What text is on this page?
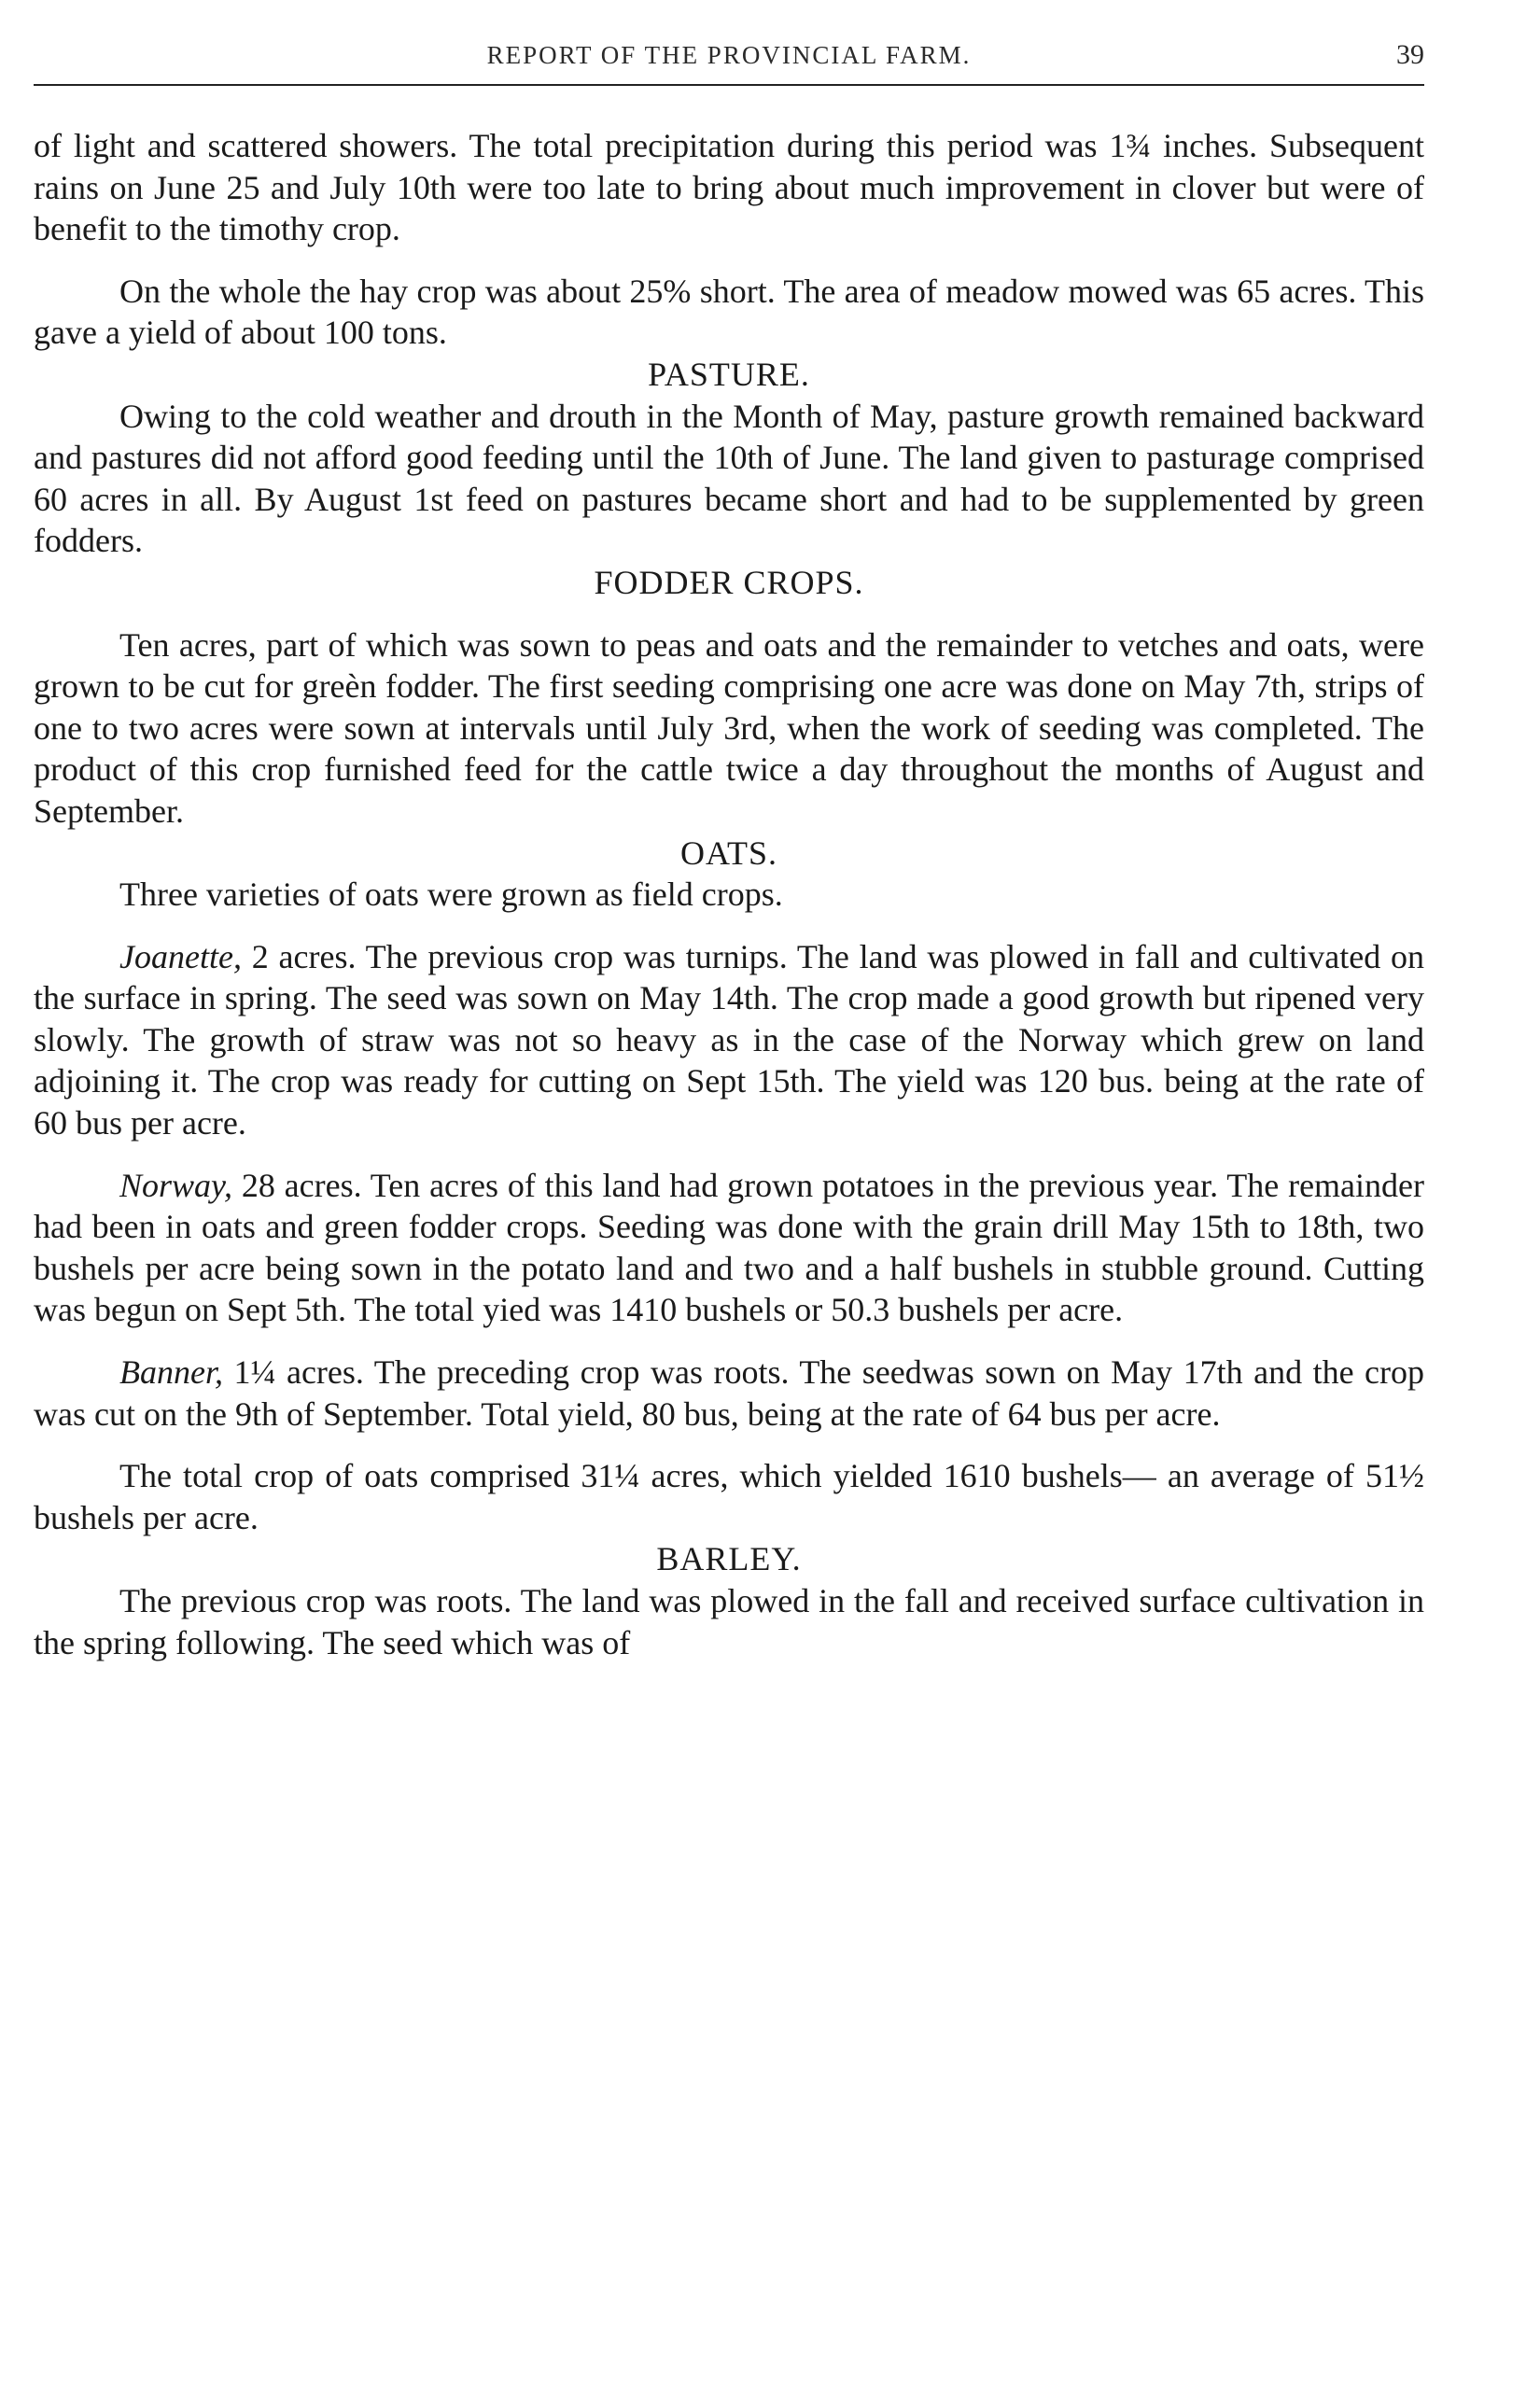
REPORT OF THE PROVINCIAL FARM.	39

of light and scattered showers. The total precipitation during this period was 1¾ inches. Subsequent rains on June 25 and July 10th were too late to bring about much improvement in clover but were of benefit to the timothy crop.

On the whole the hay crop was about 25% short. The area of meadow mowed was 65 acres. This gave a yield of about 100 tons.

PASTURE.

Owing to the cold weather and drouth in the Month of May, pasture growth remained backward and pastures did not afford good feeding until the 10th of June. The land given to pasturage comprised 60 acres in all. By August 1st feed on pastures became short and had to be supplemented by green fodders.

FODDER CROPS.

Ten acres, part of which was sown to peas and oats and the remainder to vetches and oats, were grown to be cut for greèn fodder. The first seeding comprising one acre was done on May 7th, strips of one to two acres were sown at intervals until July 3rd, when the work of seeding was completed. The product of this crop furnished feed for the cattle twice a day throughout the months of August and September.

OATS.

Three varieties of oats were grown as field crops.

Joanette, 2 acres. The previous crop was turnips. The land was plowed in fall and cultivated on the surface in spring. The seed was sown on May 14th. The crop made a good growth but ripened very slowly. The growth of straw was not so heavy as in the case of the Norway which grew on land adjoining it. The crop was ready for cutting on Sept 15th. The yield was 120 bus. being at the rate of 60 bus per acre.

Norway, 28 acres. Ten acres of this land had grown potatoes in the previous year. The remainder had been in oats and green fodder crops. Seeding was done with the grain drill May 15th to 18th, two bushels per acre being sown in the potato land and two and a half bushels in stubble ground. Cutting was begun on Sept 5th. The total yied was 1410 bushels or 50.3 bushels per acre.

Banner, 1¼ acres. The preceding crop was roots. The seedwas sown on May 17th and the crop was cut on the 9th of September. Total yield, 80 bus, being at the rate of 64 bus per acre.

The total crop of oats comprised 31¼ acres, which yielded 1610 bushels— an average of 51½ bushels per acre.

BARLEY.

The previous crop was roots. The land was plowed in the fall and received surface cultivation in the spring following. The seed which was of
